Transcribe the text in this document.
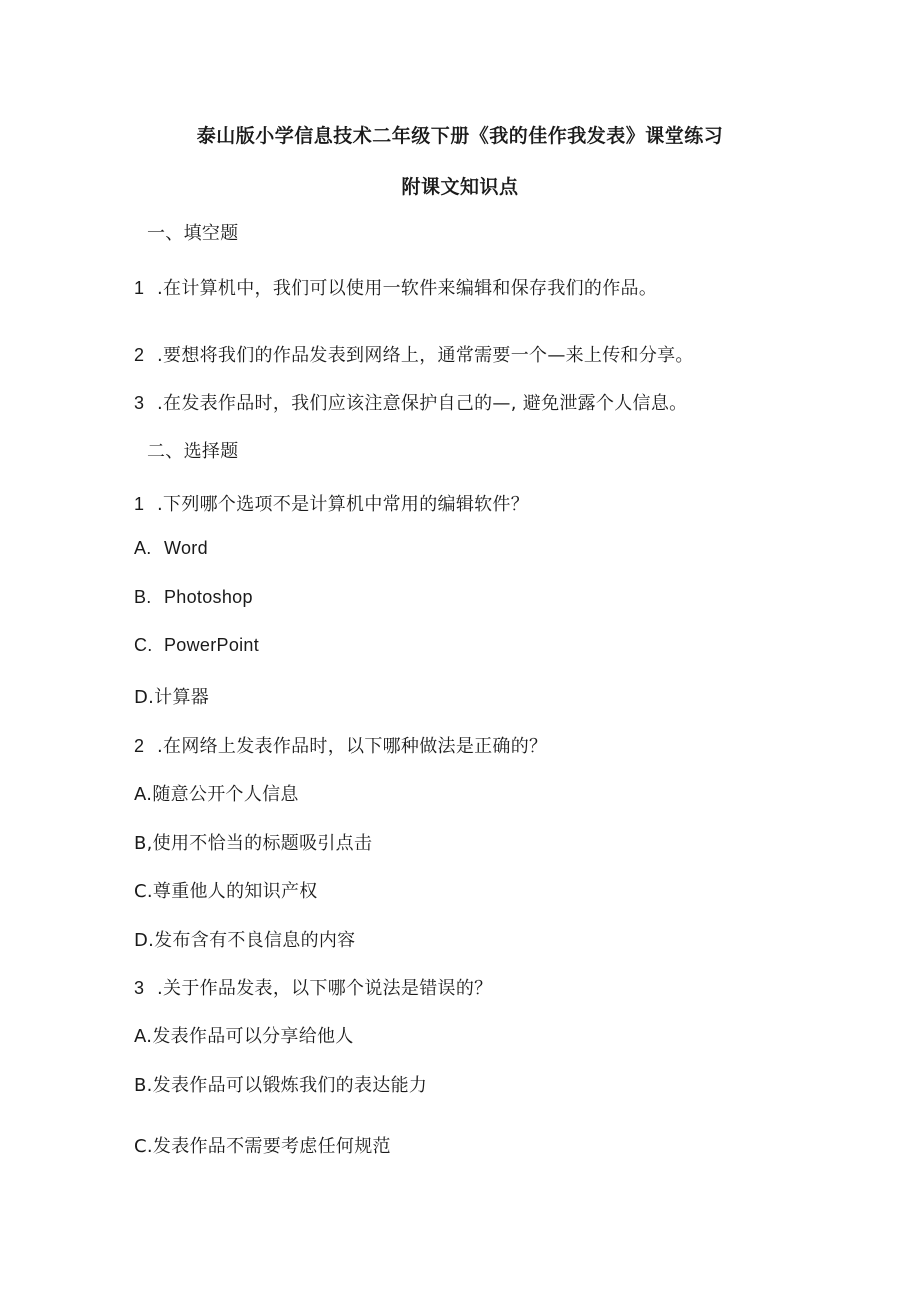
泰山版小学信息技术二年级下册《我的佳作我发表》课堂练习
附课文知识点
一、填空题
1 .在计算机中，我们可以使用一软件来编辑和保存我们的作品。
2 .要想将我们的作品发表到网络上，通常需要一个—来上传和分享。
3 .在发表作品时，我们应该注意保护自己的—, 避免泄露个人信息。
二、选择题
1 .下列哪个选项不是计算机中常用的编辑软件？
A. Word
B. Photoshop
C. PowerPoint
D.计算器
2 .在网络上发表作品时，以下哪种做法是正确的？
A.随意公开个人信息
B,使用不恰当的标题吸引点击
C.尊重他人的知识产权
D.发布含有不良信息的内容
3 .关于作品发表，以下哪个说法是错误的？
A.发表作品可以分享给他人
B.发表作品可以锻炼我们的表达能力
C.发表作品不需要考虑任何规范
